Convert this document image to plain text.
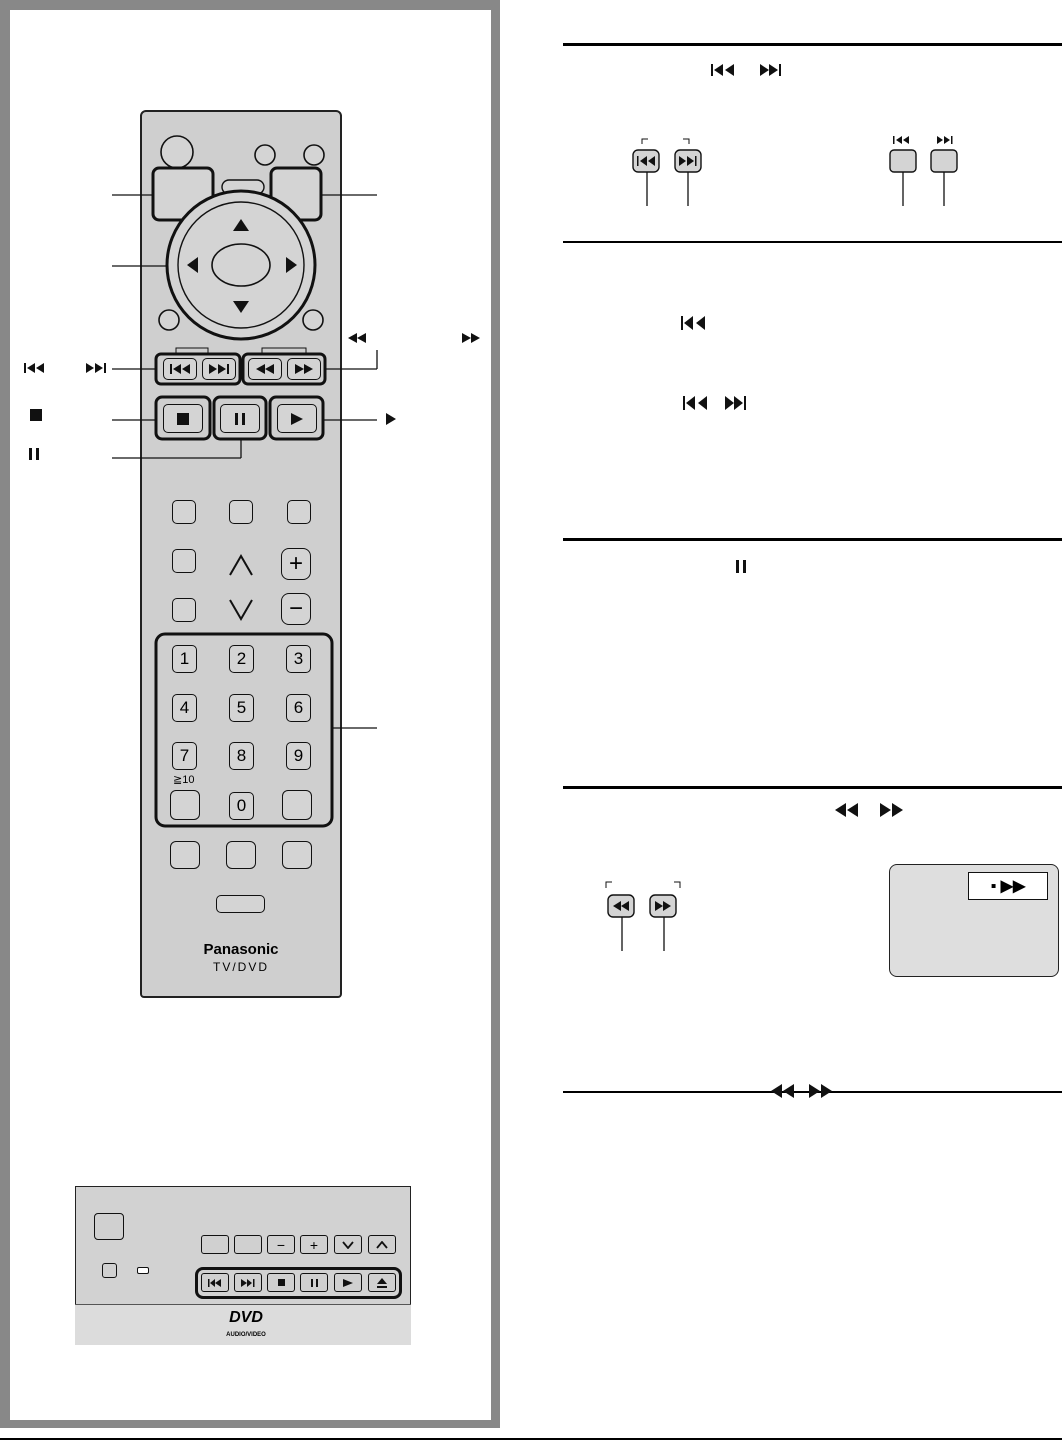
+
−
1	2	3
4	5	6
7	8	9
≧10
0
Panasonic
TV/DVD
−	+
DVD
AUDIO/VIDEO
▪ ▶▶
